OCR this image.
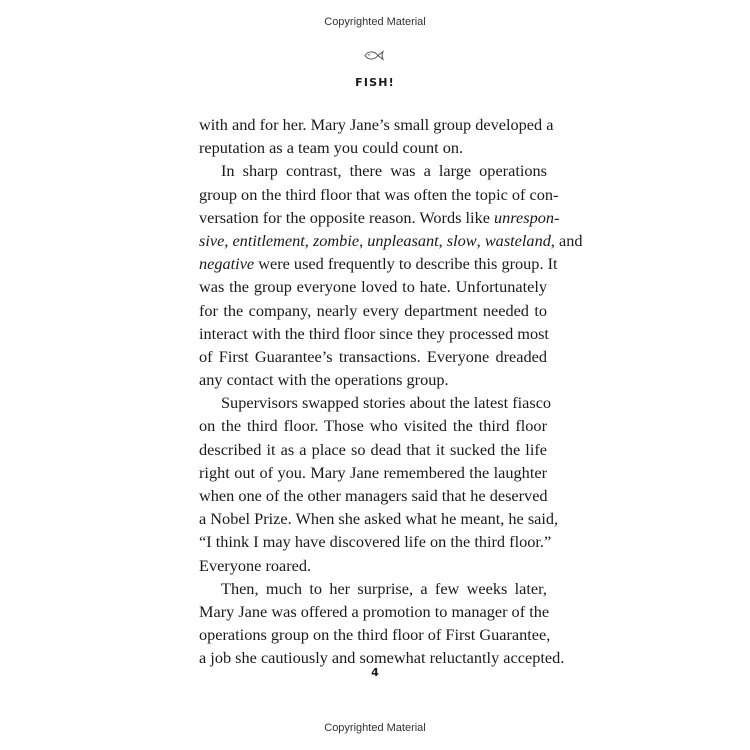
Copyrighted Material
FISH!
with and for her. Mary Jane’s small group developed a
reputation as a team you could count on.
In sharp contrast, there was a large operations
group on the third floor that was often the topic of con-
versation for the opposite reason. Words like unrespon-
sive, entitlement, zombie, unpleasant, slow, wasteland, and
negative were used frequently to describe this group. It
was the group everyone loved to hate. Unfortunately
for the company, nearly every department needed to
interact with the third floor since they processed most
of First Guarantee’s transactions. Everyone dreaded
any contact with the operations group.
Supervisors swapped stories about the latest fiasco
on the third floor. Those who visited the third floor
described it as a place so dead that it sucked the life
right out of you. Mary Jane remembered the laughter
when one of the other managers said that he deserved
a Nobel Prize. When she asked what he meant, he said,
“I think I may have discovered life on the third floor.”
Everyone roared.
Then, much to her surprise, a few weeks later,
Mary Jane was offered a promotion to manager of the
operations group on the third floor of First Guarantee,
a job she cautiously and somewhat reluctantly accepted.
4
Copyrighted Material
